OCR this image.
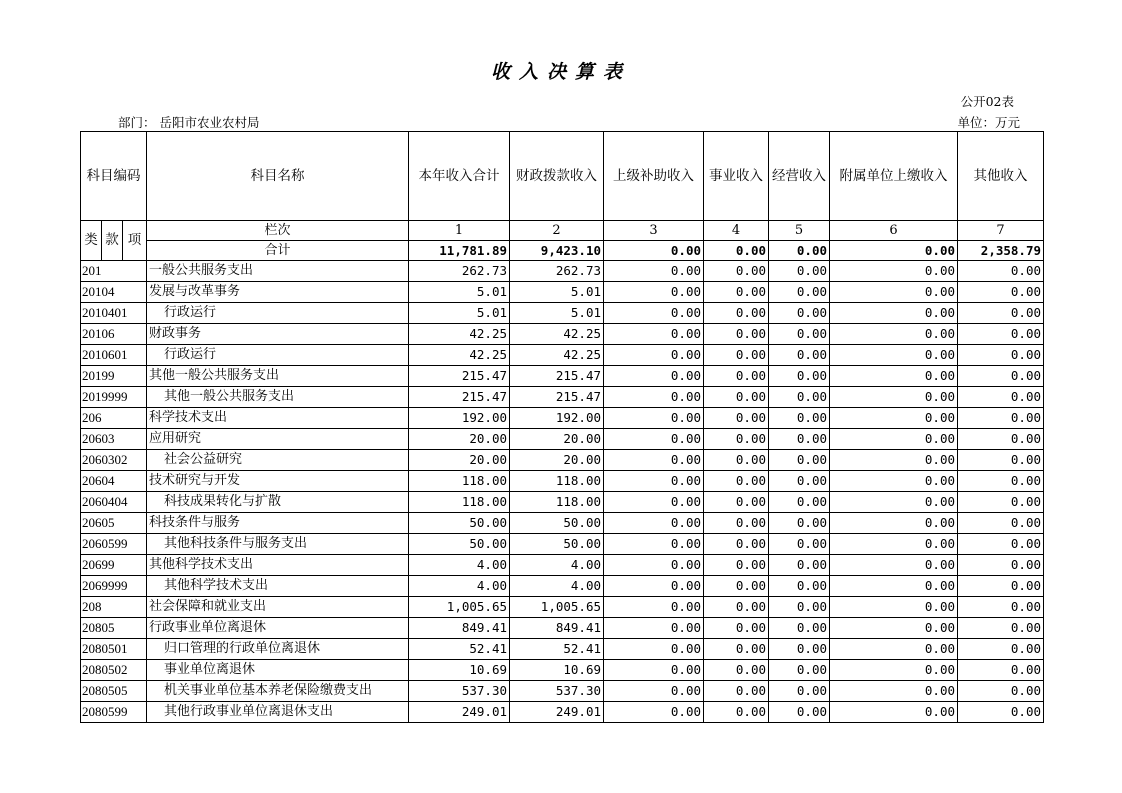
收入决算表
公开02表
部门： 岳阳市农业农村局	单位：万元
科目编码			科目名称	本年收入合计	财政拨款收入	上级补助收入	事业收入	经营收入	附属单位上缴收入	其他收入
类	款	项	栏次	1	2	3	4	5	6	7
			合计	11,781.89	9,423.10	0.00	0.00	0.00	0.00	2,358.79
201			一般公共服务支出	262.73	262.73	0.00	0.00	0.00	0.00	0.00
20104			发展与改革事务	5.01	5.01	0.00	0.00	0.00	0.00	0.00
2010401			行政运行	5.01	5.01	0.00	0.00	0.00	0.00	0.00
20106			财政事务	42.25	42.25	0.00	0.00	0.00	0.00	0.00
2010601			行政运行	42.25	42.25	0.00	0.00	0.00	0.00	0.00
20199			其他一般公共服务支出	215.47	215.47	0.00	0.00	0.00	0.00	0.00
2019999			其他一般公共服务支出	215.47	215.47	0.00	0.00	0.00	0.00	0.00
206			科学技术支出	192.00	192.00	0.00	0.00	0.00	0.00	0.00
20603			应用研究	20.00	20.00	0.00	0.00	0.00	0.00	0.00
2060302			社会公益研究	20.00	20.00	0.00	0.00	0.00	0.00	0.00
20604			技术研究与开发	118.00	118.00	0.00	0.00	0.00	0.00	0.00
2060404			科技成果转化与扩散	118.00	118.00	0.00	0.00	0.00	0.00	0.00
20605			科技条件与服务	50.00	50.00	0.00	0.00	0.00	0.00	0.00
2060599			其他科技条件与服务支出	50.00	50.00	0.00	0.00	0.00	0.00	0.00
20699			其他科学技术支出	4.00	4.00	0.00	0.00	0.00	0.00	0.00
2069999			其他科学技术支出	4.00	4.00	0.00	0.00	0.00	0.00	0.00
208			社会保障和就业支出	1,005.65	1,005.65	0.00	0.00	0.00	0.00	0.00
20805			行政事业单位离退休	849.41	849.41	0.00	0.00	0.00	0.00	0.00
2080501			归口管理的行政单位离退休	52.41	52.41	0.00	0.00	0.00	0.00	0.00
2080502			事业单位离退休	10.69	10.69	0.00	0.00	0.00	0.00	0.00
2080505			机关事业单位基本养老保险缴费支出	537.30	537.30	0.00	0.00	0.00	0.00	0.00
2080599			其他行政事业单位离退休支出	249.01	249.01	0.00	0.00	0.00	0.00	0.00
